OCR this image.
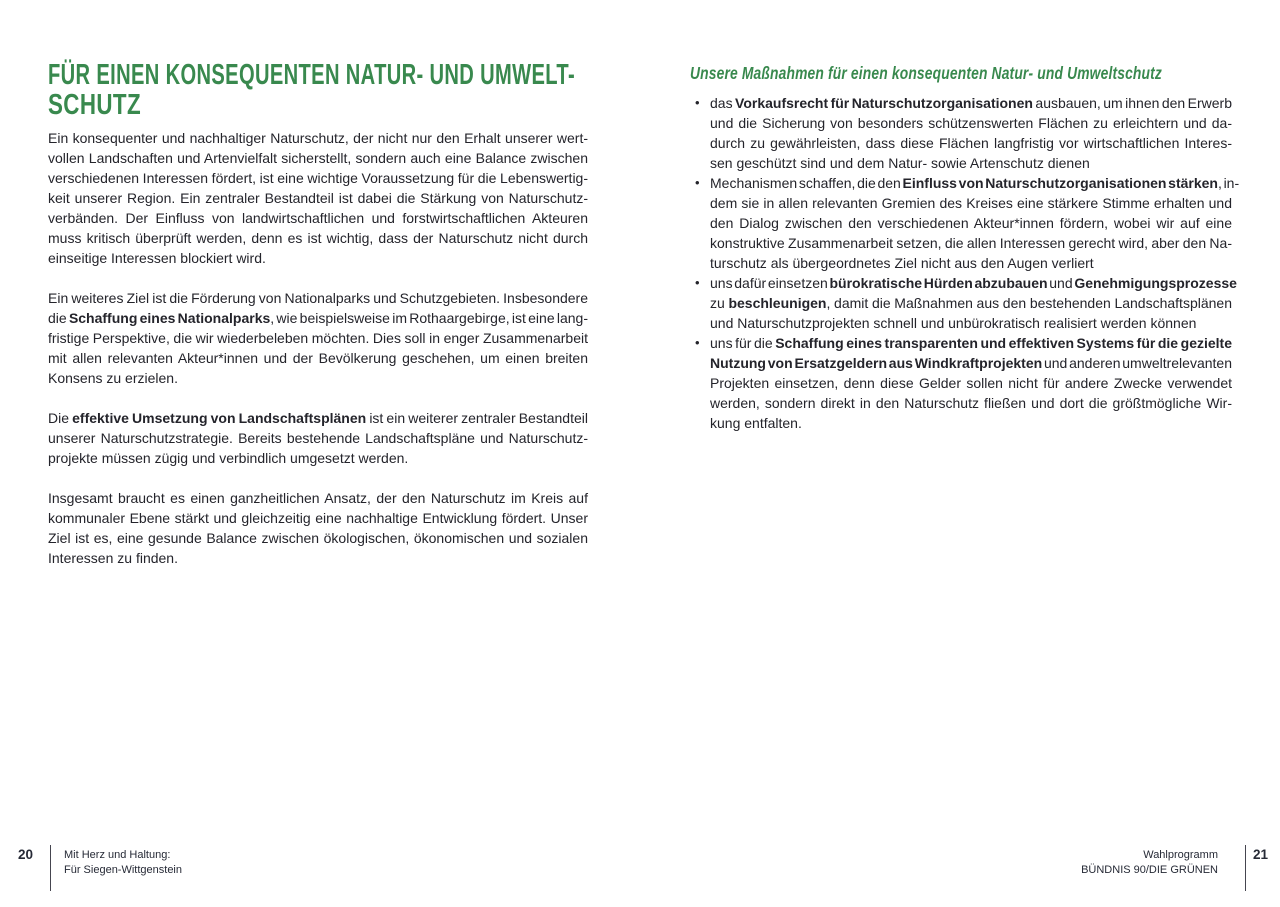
FÜR EINEN KONSEQUENTEN NATUR- UND UMWELT-
SCHUTZ
Ein konsequenter und nachhaltiger Naturschutz, der nicht nur den Erhalt unserer wert-
vollen Landschaften und Artenvielfalt sicherstellt, sondern auch eine Balance zwischen
verschiedenen Interessen fördert, ist eine wichtige Voraussetzung für die Lebenswertig-
keit unserer Region. Ein zentraler Bestandteil ist dabei die Stärkung von Naturschutz-
verbänden. Der Einfluss von landwirtschaftlichen und forstwirtschaftlichen Akteuren
muss kritisch überprüft werden, denn es ist wichtig, dass der Naturschutz nicht durch
einseitige Interessen blockiert wird.
Ein weiteres Ziel ist die Förderung von Nationalparks und Schutzgebieten. Insbesondere
die Schaffung eines Nationalparks, wie beispielsweise im Rothaargebirge, ist eine lang-
fristige Perspektive, die wir wiederbeleben möchten. Dies soll in enger Zusammenarbeit
mit allen relevanten Akteur*innen und der Bevölkerung geschehen, um einen breiten
Konsens zu erzielen.
Die effektive Umsetzung von Landschaftsplänen ist ein weiterer zentraler Bestandteil
unserer Naturschutzstrategie. Bereits bestehende Landschaftspläne und Naturschutz-
projekte müssen zügig und verbindlich umgesetzt werden.
Insgesamt braucht es einen ganzheitlichen Ansatz, der den Naturschutz im Kreis auf
kommunaler Ebene stärkt und gleichzeitig eine nachhaltige Entwicklung fördert. Unser
Ziel ist es, eine gesunde Balance zwischen ökologischen, ökonomischen und sozialen
Interessen zu finden.
Unsere Maßnahmen für einen konsequenten Natur- und Umweltschutz
• das Vorkaufsrecht für Naturschutzorganisationen ausbauen, um ihnen den Erwerb
und die Sicherung von besonders schützenswerten Flächen zu erleichtern und da-
durch zu gewährleisten, dass diese Flächen langfristig vor wirtschaftlichen Interes-
sen geschützt sind und dem Natur- sowie Artenschutz dienen
• Mechanismen schaffen, die den Einfluss von Naturschutzorganisationen stärken, in-
dem sie in allen relevanten Gremien des Kreises eine stärkere Stimme erhalten und
den Dialog zwischen den verschiedenen Akteur*innen fördern, wobei wir auf eine
konstruktive Zusammenarbeit setzen, die allen Interessen gerecht wird, aber den Na-
turschutz als übergeordnetes Ziel nicht aus den Augen verliert
• uns dafür einsetzen bürokratische Hürden abzubauen und Genehmigungsprozesse
zu beschleunigen, damit die Maßnahmen aus den bestehenden Landschaftsplänen
und Naturschutzprojekten schnell und unbürokratisch realisiert werden können
• uns für die Schaffung eines transparenten und effektiven Systems für die gezielte
Nutzung von Ersatzgeldern aus Windkraftprojekten und anderen umweltrelevanten
Projekten einsetzen, denn diese Gelder sollen nicht für andere Zwecke verwendet
werden, sondern direkt in den Naturschutz fließen und dort die größtmögliche Wir-
kung entfalten.
20	Mit Herz und Haltung:
Für Siegen-Wittgenstein
Wahlprogramm
BÜNDNIS 90/DIE GRÜNEN
21
